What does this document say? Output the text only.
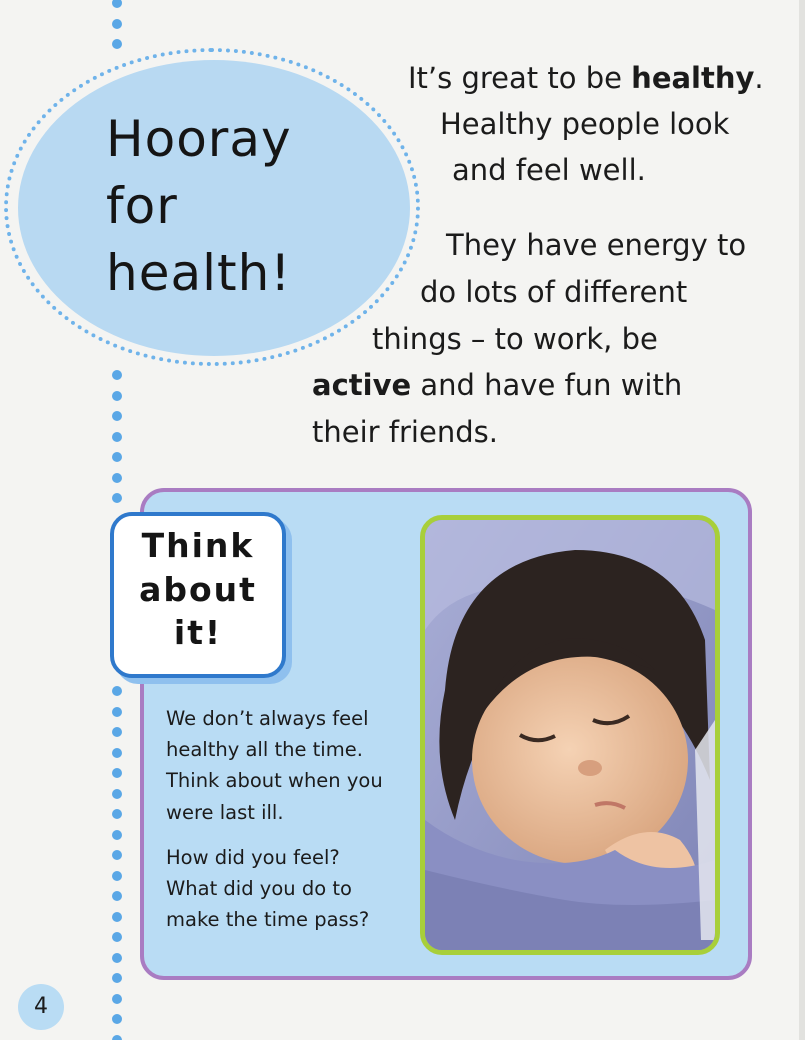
Hooray
for
health!
It’s great to be healthy.
Healthy people look
and feel well.
They have energy to
do lots of different
things – to work, be
active and have fun with
their friends.
Think
about
it!

We don’t always feel
healthy all the time.
Think about when you
were last ill.

How did you feel?
What did you do to
make the time pass?

4
